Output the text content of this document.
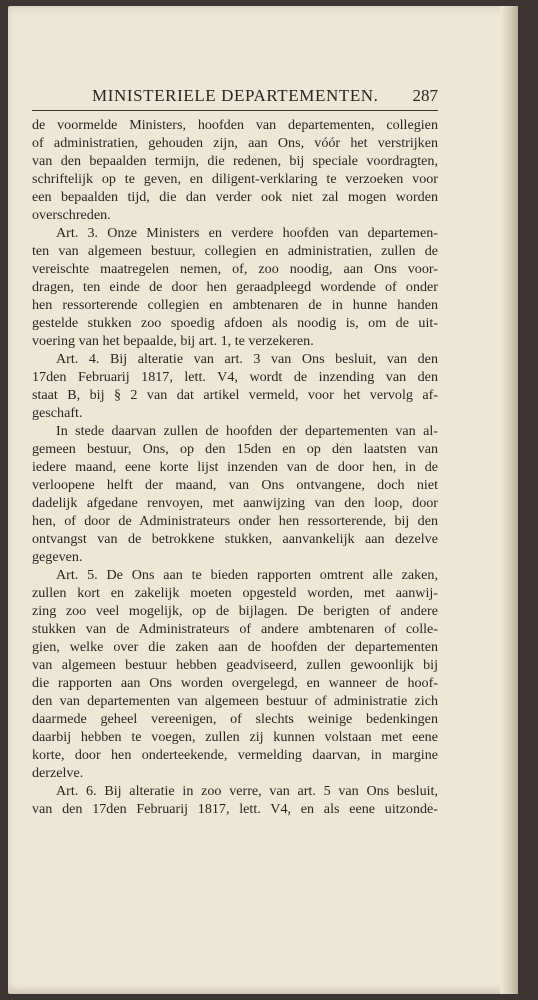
MINISTERIELE DEPARTEMENTEN. 287
de voormelde Ministers, hoofden van departementen, collegien
of administratien, gehouden zijn, aan Ons, vóór het verstrijken
van den bepaalden termijn, die redenen, bij speciale voordragten,
schriftelijk op te geven, en diligent-verklaring te verzoeken voor
een bepaalden tijd, die dan verder ook niet zal mogen worden
overschreden.
Art. 3. Onze Ministers en verdere hoofden van departemen-
ten van algemeen bestuur, collegien en administratien, zullen de
vereischte maatregelen nemen, of, zoo noodig, aan Ons voor-
dragen, ten einde de door hen geraadpleegd wordende of onder
hen ressorterende collegien en ambtenaren de in hunne handen
gestelde stukken zoo spoedig afdoen als noodig is, om de uit-
voering van het bepaalde, bij art. 1, te verzekeren.
Art. 4. Bij alteratie van art. 3 van Ons besluit, van den
17den Februarij 1817, lett. V4, wordt de inzending van den
staat B, bij § 2 van dat artikel vermeld, voor het vervolg af-
geschaft.
In stede daarvan zullen de hoofden der departementen van al-
gemeen bestuur, Ons, op den 15den en op den laatsten van
iedere maand, eene korte lijst inzenden van de door hen, in de
verloopene helft der maand, van Ons ontvangene, doch niet
dadelijk afgedane renvoyen, met aanwijzing van den loop, door
hen, of door de Administrateurs onder hen ressorterende, bij den
ontvangst van de betrokkene stukken, aanvankelijk aan dezelve
gegeven.
Art. 5. De Ons aan te bieden rapporten omtrent alle zaken,
zullen kort en zakelijk moeten opgesteld worden, met aanwij-
zing zoo veel mogelijk, op de bijlagen. De berigten of andere
stukken van de Administrateurs of andere ambtenaren of colle-
gien, welke over die zaken aan de hoofden der departementen
van algemeen bestuur hebben geadviseerd, zullen gewoonlijk bij
die rapporten aan Ons worden overgelegd, en wanneer de hoof-
den van departementen van algemeen bestuur of administratie zich
daarmede geheel vereenigen, of slechts weinige bedenkingen
daarbij hebben te voegen, zullen zij kunnen volstaan met eene
korte, door hen onderteekende, vermelding daarvan, in margine
derzelve.
Art. 6. Bij alteratie in zoo verre, van art. 5 van Ons besluit,
van den 17den Februarij 1817, lett. V4, en als eene uitzonde-
